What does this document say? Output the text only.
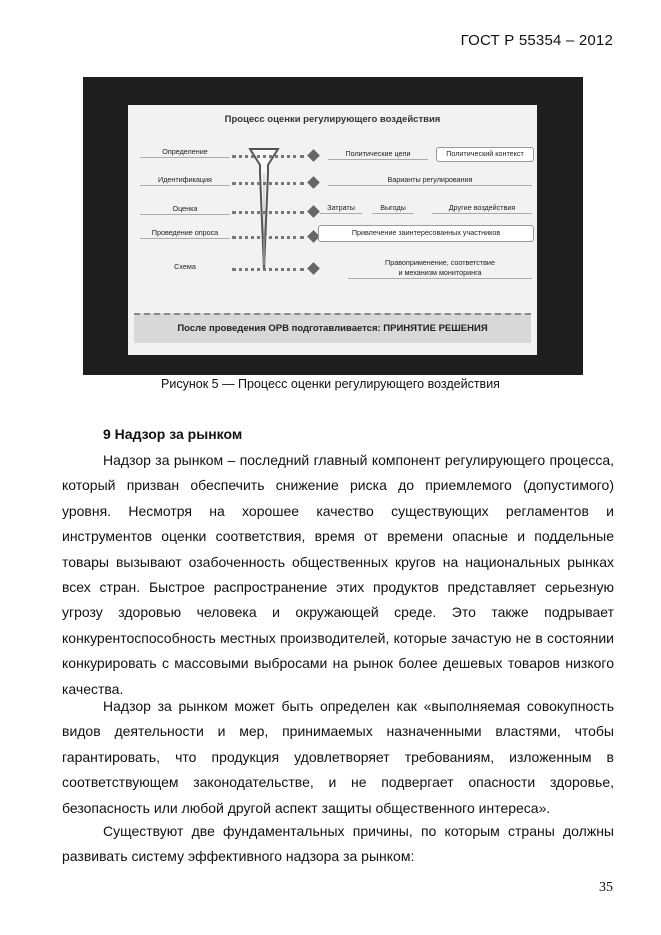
ГОСТ Р 55354 – 2012
Процесс оценки регулирующего воздействия
Определение
Идентификация
Оценка
Проведение опроса
Схема
Политические цели	Политический контекст
Варианты регулирования
Затраты	Выгоды	Другие воздействия
Привлечение заинтересованных участников
Правоприменение, соответствие
и механизм мониторинга
После проведения ОРВ подготавливается: ПРИНЯТИЕ РЕШЕНИЯ
Рисунок 5 — Процесс оценки регулирующего воздействия
9 Надзор за рынком

Надзор за рынком – последний главный компонент регулирующего процесса, который призван обеспечить снижение риска до приемлемого (допустимого) уровня. Несмотря на хорошее качество существующих регламентов и инструментов оценки соответствия, время от времени опасные и поддельные товары вызывают озабоченность общественных кругов на национальных рынках всех стран. Быстрое распространение этих продуктов представляет серьезную угрозу здоровью человека и окружающей среде. Это также подрывает конкурентоспособность местных производителей, которые зачастую не в состоянии конкурировать с массовыми выбросами на рынок более дешевых товаров низкого качества.

Надзор за рынком может быть определен как «выполняемая совокупность видов деятельности и мер, принимаемых назначенными властями, чтобы гарантировать, что продукция удовлетворяет требованиям, изложенным в соответствующем законодательстве, и не подвергает опасности здоровье, безопасность или любой другой аспект защиты общественного интереса».

Существуют две фундаментальных причины, по которым страны должны развивать систему эффективного надзора за рынком:

35
